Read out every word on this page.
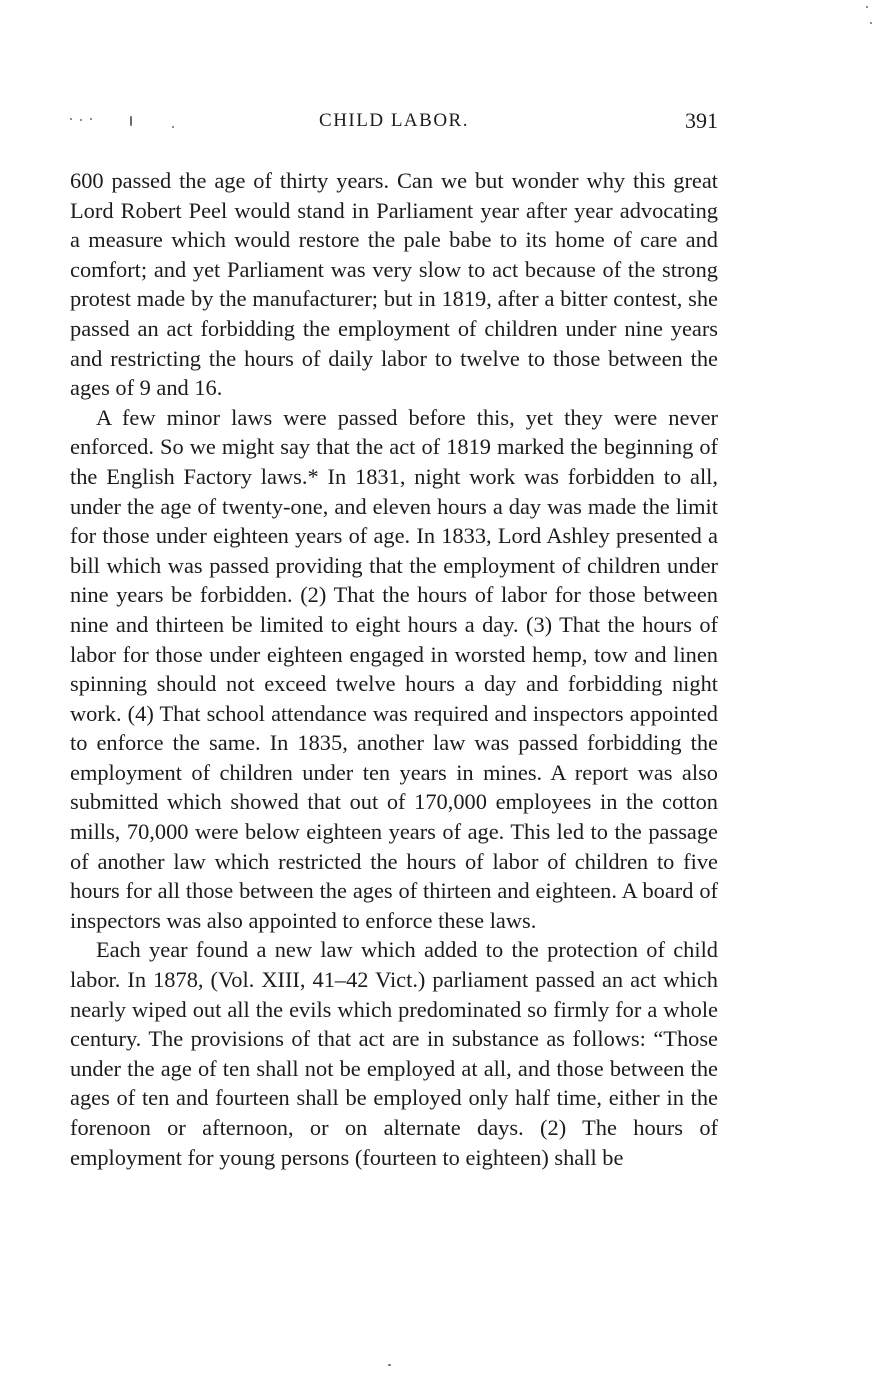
CHILD LABOR.	391

600 passed the age of thirty years. Can we but wonder why this great Lord Robert Peel would stand in Parliament year after year advocating a measure which would restore the pale babe to its home of care and comfort; and yet Parliament was very slow to act because of the strong protest made by the manufacturer; but in 1819, after a bitter contest, she passed an act forbidding the employment of children under nine years and restricting the hours of daily labor to twelve to those between the ages of 9 and 16.

A few minor laws were passed before this, yet they were never enforced. So we might say that the act of 1819 marked the beginning of the English Factory laws.* In 1831, night work was forbidden to all, under the age of twenty-one, and eleven hours a day was made the limit for those under eighteen years of age. In 1833, Lord Ashley presented a bill which was passed providing that the employment of children under nine years be forbidden. (2) That the hours of labor for those between nine and thirteen be limited to eight hours a day. (3) That the hours of labor for those under eighteen engaged in worsted hemp, tow and linen spinning should not exceed twelve hours a day and forbidding night work. (4) That school attendance was required and inspectors appointed to enforce the same. In 1835, another law was passed forbidding the employment of children under ten years in mines. A report was also submitted which showed that out of 170,000 employees in the cotton mills, 70,000 were below eighteen years of age. This led to the passage of another law which restricted the hours of labor of children to five hours for all those between the ages of thirteen and eighteen. A board of inspectors was also appointed to enforce these laws.

Each year found a new law which added to the protection of child labor. In 1878, (Vol. XIII, 41–42 Vict.) parliament passed an act which nearly wiped out all the evils which predominated so firmly for a whole century. The provisions of that act are in substance as follows: “Those under the age of ten shall not be employed at all, and those between the ages of ten and fourteen shall be employed only half time, either in the forenoon or afternoon, or on alternate days. (2) The hours of employment for young persons (fourteen to eighteen) shall be
